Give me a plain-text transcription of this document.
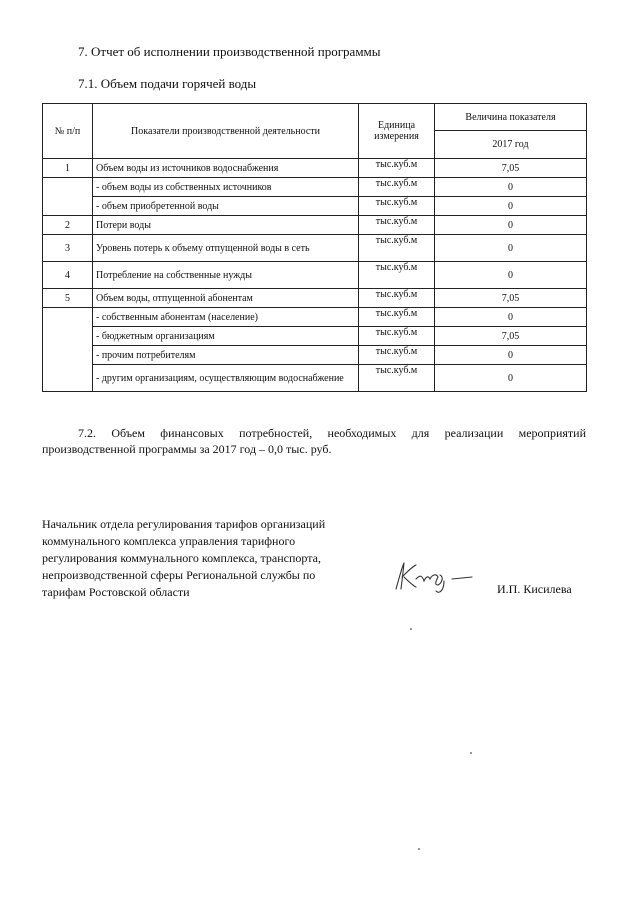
7. Отчет об исполнении производственной программы
7.1. Объем подачи горячей воды
№ п/п	Показатели производственной деятельности	Единица измерения	Величина показателя
			2017 год
1	Объем воды из источников водоснабжения	тыс.куб.м	7,05
	- объем воды из собственных источников	тыс.куб.м	0
	- объем приобретенной воды	тыс.куб.м	0
2	Потери воды	тыс.куб.м	0
3	Уровень потерь к объему отпущенной воды в сеть	тыс.куб.м	0
4	Потребление на собственные нужды	тыс.куб.м	0
5	Объем воды, отпущенной абонентам	тыс.куб.м	7,05
	- собственным абонентам (население)	тыс.куб.м	0
	- бюджетным организациям	тыс.куб.м	7,05
	- прочим потребителям	тыс.куб.м	0
	- другим организациям, осуществляющим водоснабжение	тыс.куб.м	0
7.2. Объем финансовых потребностей, необходимых для реализации мероприятий производственной программы за 2017 год – 0,0 тыс. руб.
Начальник отдела регулирования тарифов организаций
коммунального комплекса управления тарифного
регулирования коммунального комплекса, транспорта,
непроизводственной сферы Региональной службы по
тарифам Ростовской области	И.П. Кисилева
